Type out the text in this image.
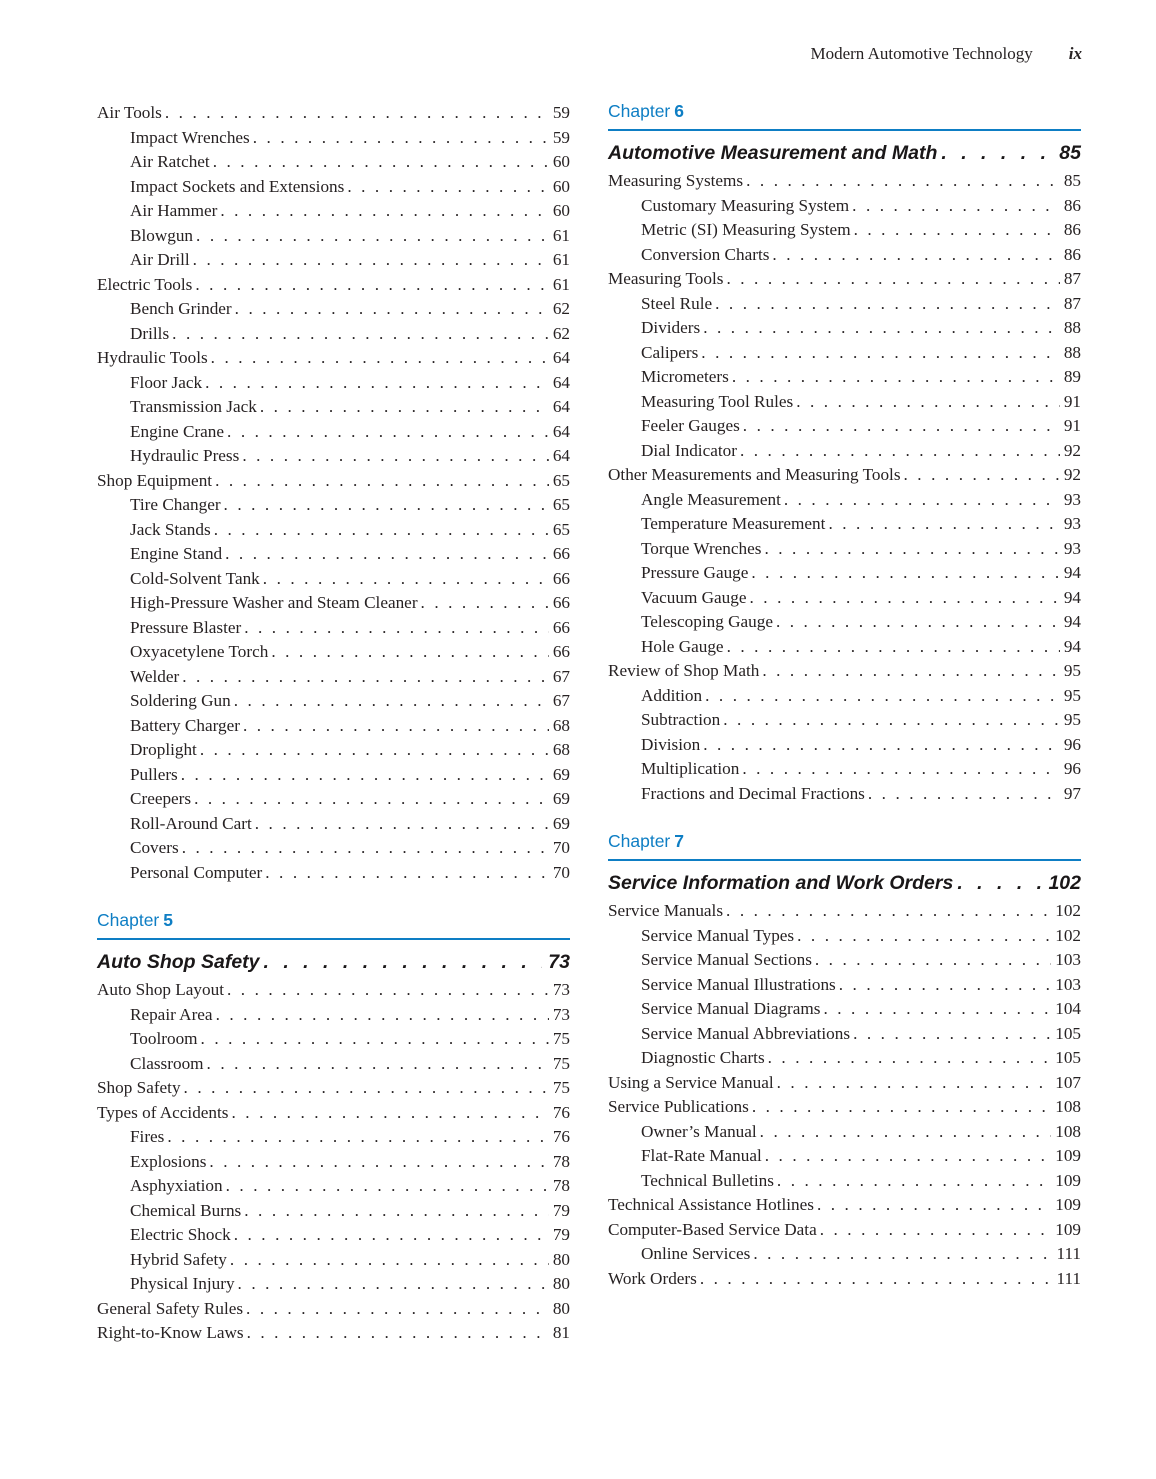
Modern Automotive Technology ix
Air Tools . . .	59
Impact Wrenches . . .	59
Air Ratchet . . .	60
Impact Sockets and Extensions . . .	60
Air Hammer . . .	60
Blowgun . . .	61
Air Drill . . .	61
Electric Tools . . .	61
Bench Grinder . . .	62
Drills . . .	62
Hydraulic Tools . . .	64
Floor Jack . . .	64
Transmission Jack . . .	64
Engine Crane . . .	64
Hydraulic Press . . .	64
Shop Equipment . . .	65
Tire Changer . . .	65
Jack Stands . . .	65
Engine Stand . . .	66
Cold-Solvent Tank . . .	66
High-Pressure Washer and Steam Cleaner . . .	66
Pressure Blaster . . .	66
Oxyacetylene Torch . . .	66
Welder . . .	67
Soldering Gun . . .	67
Battery Charger . . .	68
Droplight . . .	68
Pullers . . .	69
Creepers . . .	69
Roll-Around Cart . . .	69
Covers . . .	70
Personal Computer . . .	70
Chapter 5
Auto Shop Safety . . .	73
Auto Shop Layout . . .	73
Repair Area . . .	73
Toolroom . . .	75
Classroom . . .	75
Shop Safety . . .	75
Types of Accidents . . .	76
Fires . . .	76
Explosions . . .	78
Asphyxiation . . .	78
Chemical Burns . . .	79
Electric Shock . . .	79
Hybrid Safety . . .	80
Physical Injury . . .	80
General Safety Rules . . .	80
Right-to-Know Laws . . .	81
Chapter 6
Automotive Measurement and Math . . .	85
Measuring Systems . . .	85
Customary Measuring System . . .	86
Metric (SI) Measuring System . . .	86
Conversion Charts . . .	86
Measuring Tools . . .	87
Steel Rule . . .	87
Dividers . . .	88
Calipers . . .	88
Micrometers . . .	89
Measuring Tool Rules . . .	91
Feeler Gauges . . .	91
Dial Indicator . . .	92
Other Measurements and Measuring Tools . . .	92
Angle Measurement . . .	93
Temperature Measurement . . .	93
Torque Wrenches . . .	93
Pressure Gauge . . .	94
Vacuum Gauge . . .	94
Telescoping Gauge . . .	94
Hole Gauge . . .	94
Review of Shop Math . . .	95
Addition . . .	95
Subtraction . . .	95
Division . . .	96
Multiplication . . .	96
Fractions and Decimal Fractions . . .	97
Chapter 7
Service Information and Work Orders . . .	102
Service Manuals . . .	102
Service Manual Types . . .	102
Service Manual Sections . . .	103
Service Manual Illustrations . . .	103
Service Manual Diagrams . . .	104
Service Manual Abbreviations . . .	105
Diagnostic Charts . . .	105
Using a Service Manual . . .	107
Service Publications . . .	108
Owner’s Manual . . .	108
Flat-Rate Manual . . .	109
Technical Bulletins . . .	109
Technical Assistance Hotlines . . .	109
Computer-Based Service Data . . .	109
Online Services . . .	111
Work Orders . . .	111
